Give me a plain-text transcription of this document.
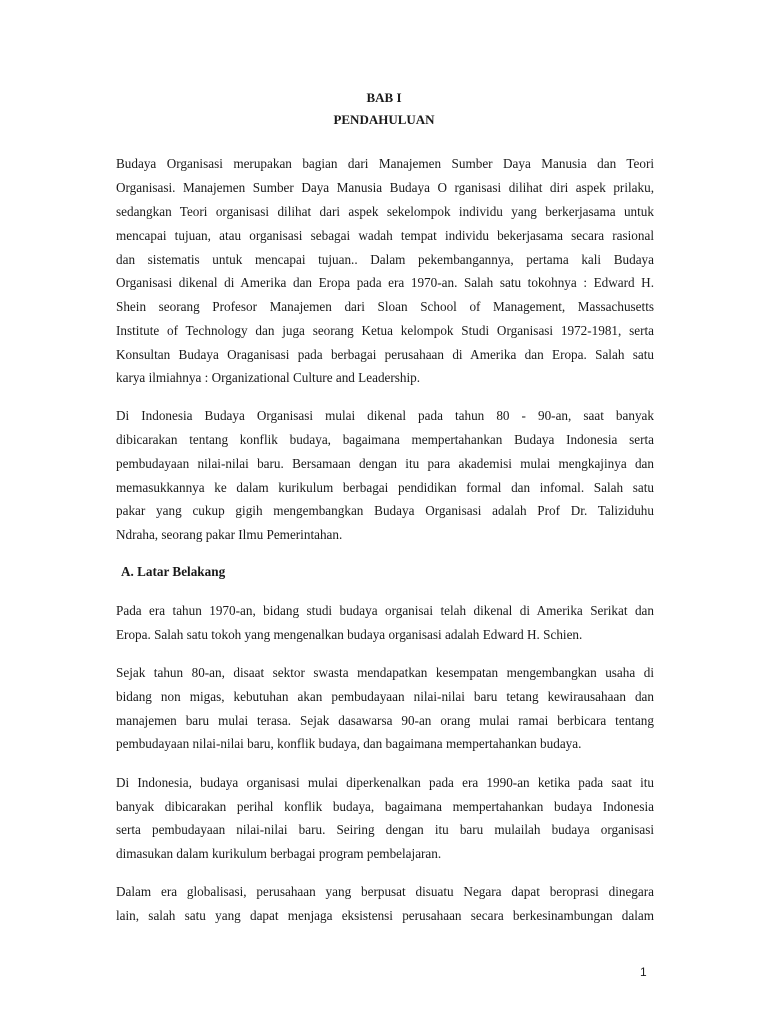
BAB I
PENDAHULUAN
Budaya Organisasi merupakan bagian dari Manajemen Sumber Daya Manusia dan Teori
Organisasi. Manajemen Sumber Daya Manusia Budaya O rganisasi dilihat diri aspek prilaku,
sedangkan Teori organisasi dilihat dari aspek sekelompok individu yang berkerjasama untuk
mencapai tujuan, atau organisasi sebagai wadah tempat individu bekerjasama secara rasional
dan sistematis untuk mencapai tujuan.. Dalam pekembangannya, pertama kali Budaya
Organisasi dikenal di Amerika dan Eropa pada era 1970-an. Salah satu tokohnya : Edward H.
Shein seorang Profesor Manajemen dari Sloan School of Management, Massachusetts
Institute of Technology dan juga seorang Ketua kelompok Studi Organisasi 1972-1981, serta
Konsultan Budaya Oraganisasi pada berbagai perusahaan di Amerika dan Eropa. Salah satu
karya ilmiahnya : Organizational Culture and Leadership.
Di Indonesia Budaya Organisasi mulai dikenal pada tahun 80 - 90-an, saat banyak
dibicarakan tentang konflik budaya, bagaimana mempertahankan Budaya Indonesia serta
pembudayaan nilai-nilai baru. Bersamaan dengan itu para akademisi mulai mengkajinya dan
memasukkannya ke dalam kurikulum berbagai pendidikan formal dan infomal. Salah satu
pakar yang cukup gigih mengembangkan Budaya Organisasi adalah Prof Dr. Taliziduhu
Ndraha, seorang pakar Ilmu Pemerintahan.
A. Latar Belakang
Pada era tahun 1970-an, bidang studi budaya organisai telah dikenal di Amerika Serikat dan
Eropa. Salah satu tokoh yang mengenalkan budaya organisasi adalah Edward H. Schien.
Sejak tahun 80-an, disaat sektor swasta mendapatkan kesempatan mengembangkan usaha di
bidang non migas, kebutuhan akan pembudayaan nilai-nilai baru tetang kewirausahaan dan
manajemen baru mulai terasa. Sejak dasawarsa 90-an orang mulai ramai berbicara tentang
pembudayaan nilai-nilai baru, konflik budaya, dan bagaimana mempertahankan budaya.
Di Indonesia, budaya organisasi mulai diperkenalkan pada era 1990-an ketika pada saat itu
banyak dibicarakan perihal konflik budaya, bagaimana mempertahankan budaya Indonesia
serta pembudayaan nilai-nilai baru. Seiring dengan itu baru mulailah budaya organisasi
dimasukan dalam kurikulum berbagai program pembelajaran.
Dalam era globalisasi, perusahaan yang berpusat disuatu Negara dapat beroprasi dinegara
lain, salah satu yang dapat menjaga eksistensi perusahaan secara berkesinambungan dalam
1
